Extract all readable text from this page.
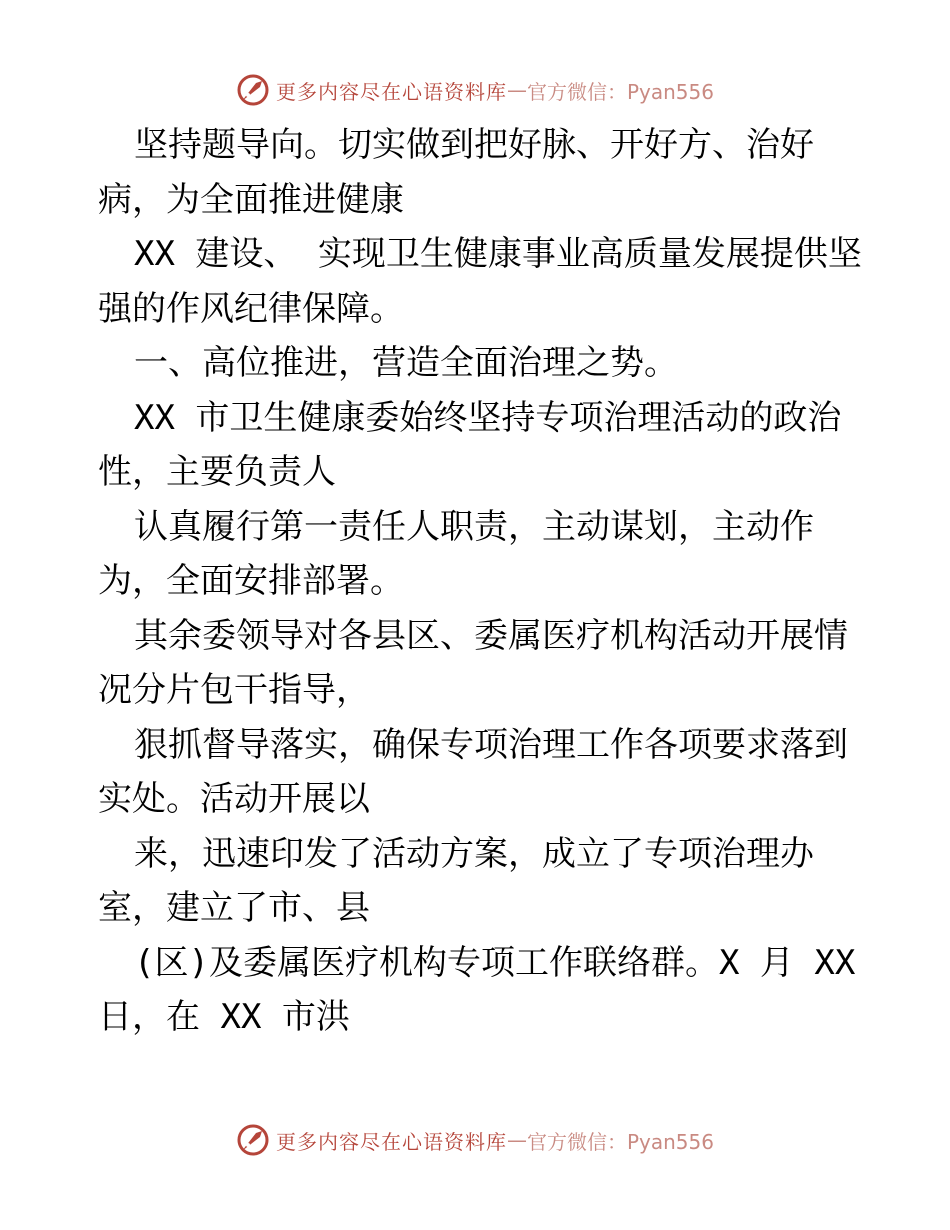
更多内容尽在心语资料库 — 官方微信：Pyan556
坚持题导向。切实做到把好脉、开好方、治好
病，为全面推进健康
XX 建设、 实现卫生健康事业高质量发展提供坚
强的作风纪律保障。
一、高位推进，营造全面治理之势。
XX 市卫生健康委始终坚持专项治理活动的政治
性，主要负责人
认真履行第一责任人职责，主动谋划，主动作
为，全面安排部署。
其余委领导对各县区、委属医疗机构活动开展情
况分片包干指导，
狠抓督导落实，确保专项治理工作各项要求落到
实处。活动开展以
来，迅速印发了活动方案，成立了专项治理办
室，建立了市、县
(区)及委属医疗机构专项工作联络群。X 月 XX
日，在 XX 市洪
更多内容尽在心语资料库 — 官方微信：Pyan556
